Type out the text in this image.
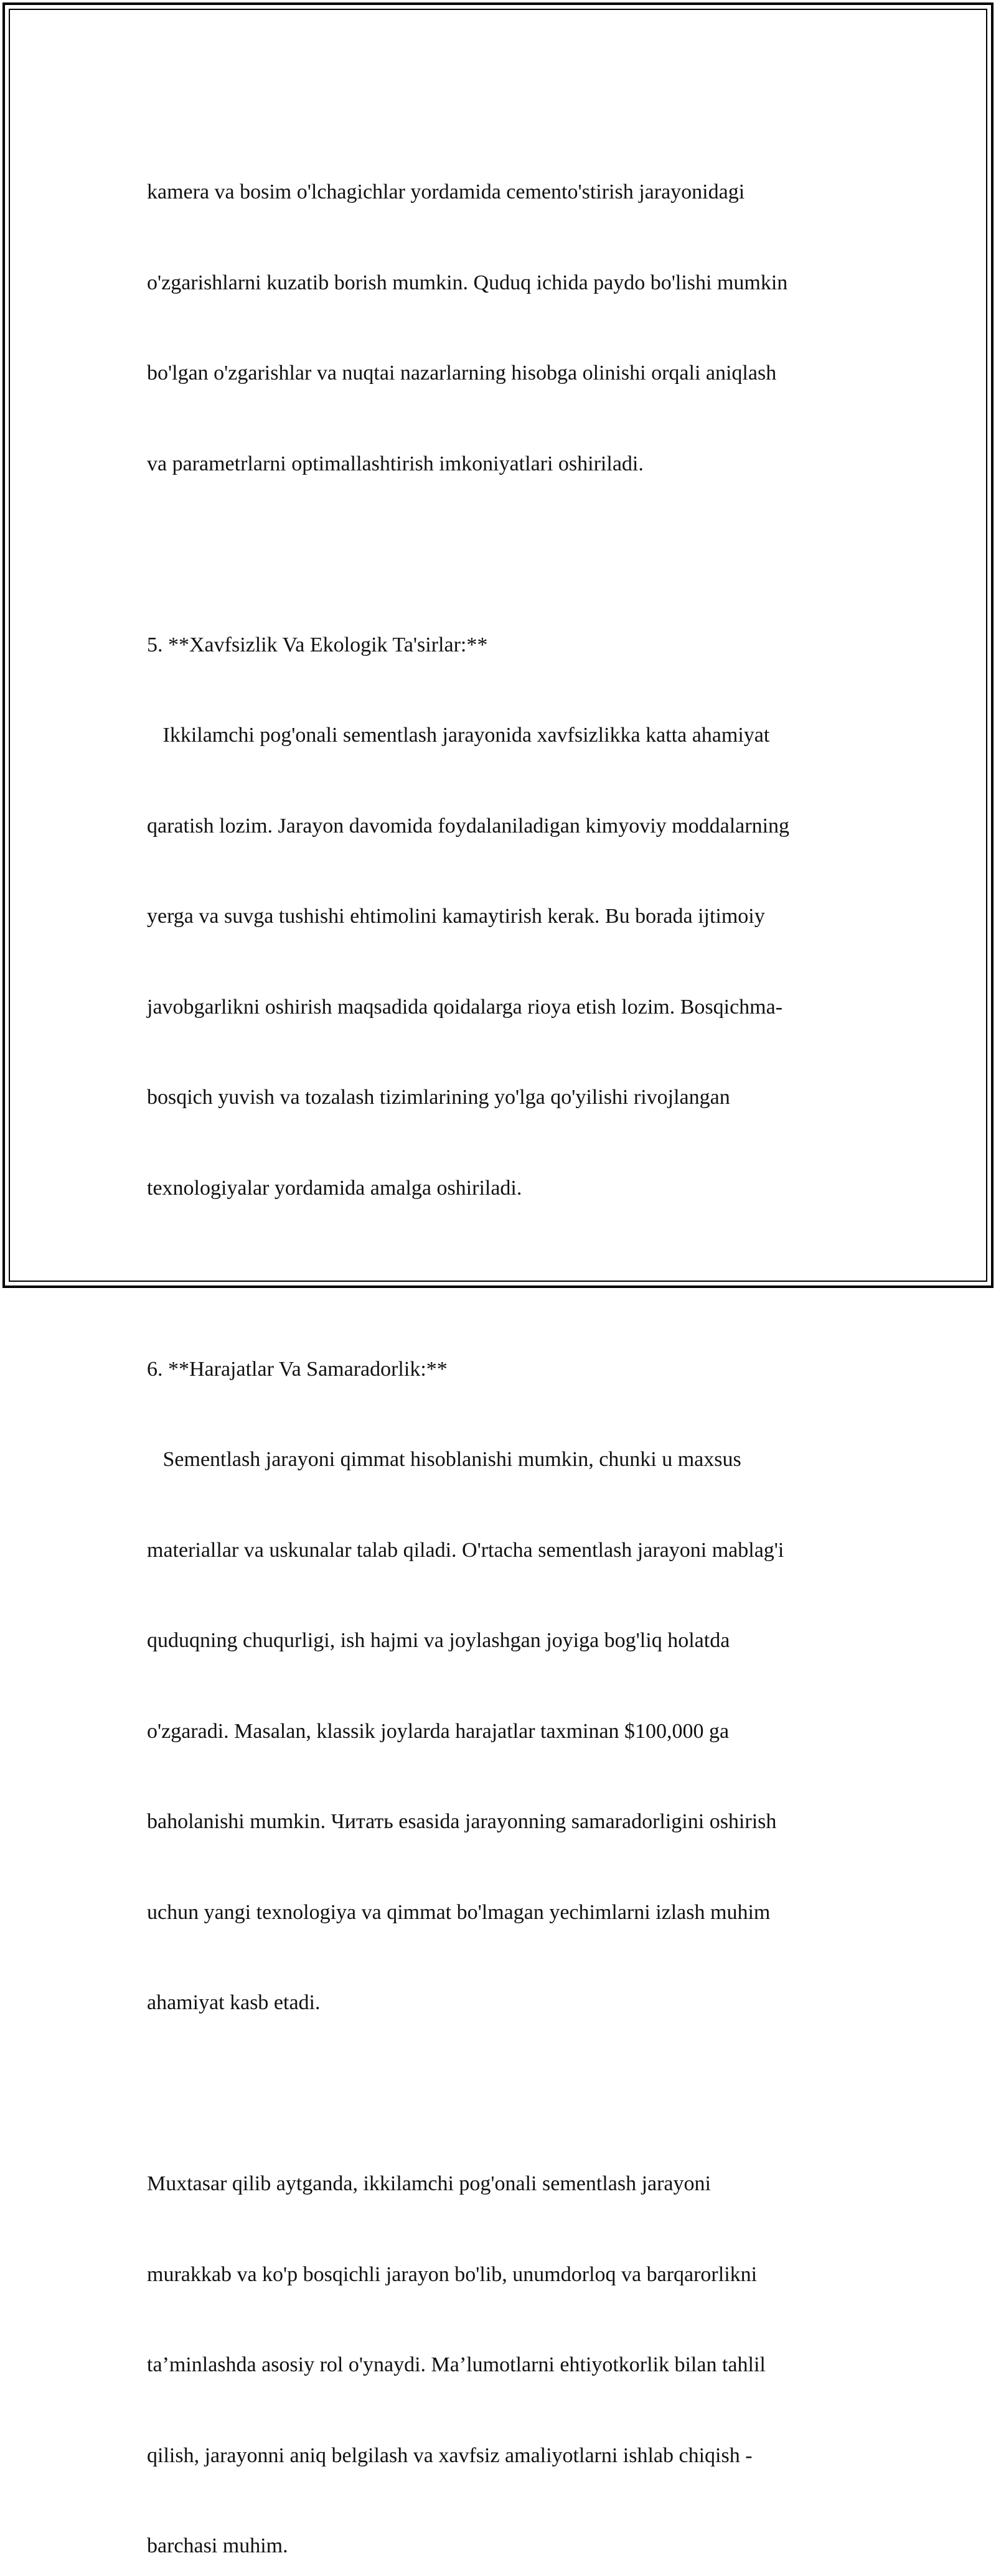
kamera va bosim o'lchagichlar yordamida cemento'stirish jarayonidagi

o'zgarishlarni kuzatib borish mumkin. Quduq ichida paydo bo'lishi mumkin

bo'lgan o'zgarishlar va nuqtai nazarlarning hisobga olinishi orqali aniqlash

va parametrlarni optimallashtirish imkoniyatlari oshiriladi.

5. **Xavfsizlik Va Ekologik Ta'sirlar:**

Ikkilamchi pog'onali sementlash jarayonida xavfsizlikka katta ahamiyat

qaratish lozim. Jarayon davomida foydalaniladigan kimyoviy moddalarning

yerga va suvga tushishi ehtimolini kamaytirish kerak. Bu borada ijtimoiy

javobgarlikni oshirish maqsadida qoidalarga rioya etish lozim. Bosqichma-

bosqich yuvish va tozalash tizimlarining yo'lga qo'yilishi rivojlangan

texnologiyalar yordamida amalga oshiriladi.

6. **Harajatlar Va Samaradorlik:**

Sementlash jarayoni qimmat hisoblanishi mumkin, chunki u maxsus

materiallar va uskunalar talab qiladi. O'rtacha sementlash jarayoni mablag'i

quduqning chuqurligi, ish hajmi va joylashgan joyiga bog'liq holatda

o'zgaradi. Masalan, klassik joylarda harajatlar taxminan $100,000 ga

baholanishi mumkin. Читать esasida jarayonning samaradorligini oshirish

uchun yangi texnologiya va qimmat bo'lmagan yechimlarni izlash muhim

ahamiyat kasb etadi.

Muxtasar qilib aytganda, ikkilamchi pog'onali sementlash jarayoni

murakkab va ko'p bosqichli jarayon bo'lib, unumdorloq va barqarorlikni

ta’minlashda asosiy rol o'ynaydi. Ma’lumotlarni ehtiyotkorlik bilan tahlil

qilish, jarayonni aniq belgilash va xavfsiz amaliyotlarni ishlab chiqish -

barchasi muhim.
